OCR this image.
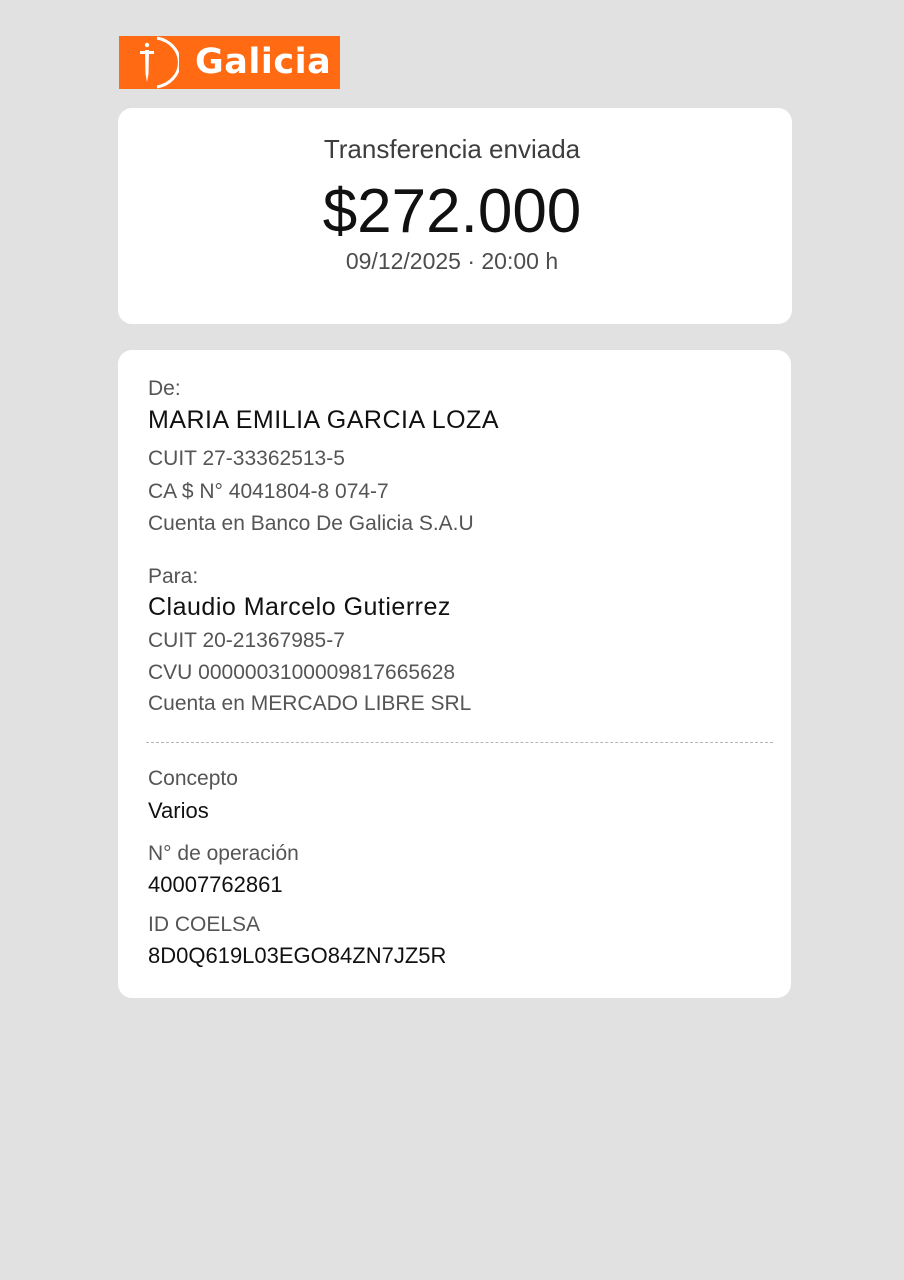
Galicia
Transferencia enviada
$272.000
09/12/2025 · 20:00 h
De:
MARIA EMILIA GARCIA LOZA
CUIT 27-33362513-5
CA $ N° 4041804-8 074-7
Cuenta en Banco De Galicia S.A.U
Para:
Claudio Marcelo Gutierrez
CUIT 20-21367985-7
CVU 0000003100009817665628
Cuenta en MERCADO LIBRE SRL
Concepto
Varios
N° de operación
40007762861
ID COELSA
8D0Q619L03EGO84ZN7JZ5R
